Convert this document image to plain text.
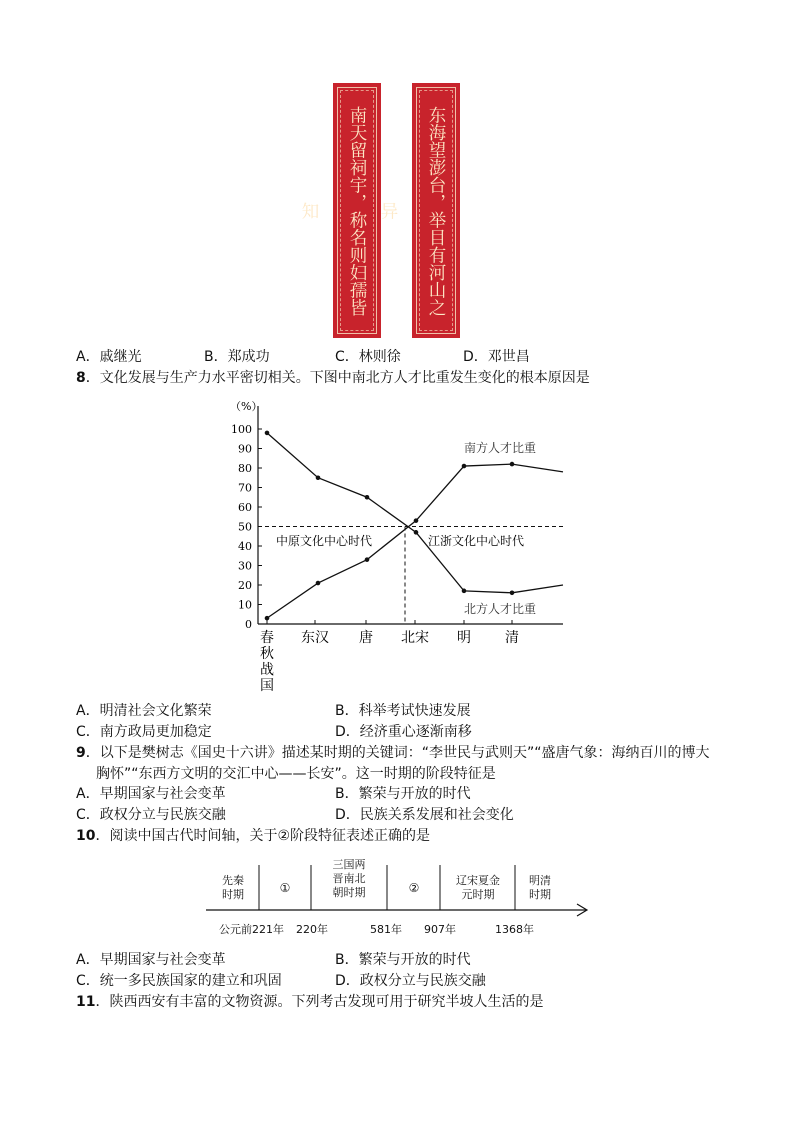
南天留祠宇，称名则妇孺皆知	东海望澎台，举目有河山之异
A．戚继光	B．郑成功	C．林则徐	D．邓世昌
8．文化发展与生产力水平密切相关。下图中南北方人才比重发生变化的根本原因是
（%）
0
10
20
30
40
50
60
70
80
90
100
春秋战国
东汉 唐 北宋 明 清
南方人才比重
北方人才比重
中原文化中心时代	江浙文化中心时代
A．明清社会文化繁荣	B．科举考试快速发展
C．南方政局更加稳定	D．经济重心逐渐南移
9．以下是樊树志《国史十六讲》描述某时期的关键词：“李世民与武则天”“盛唐气象：海纳百川的博大
胸怀”“东西方文明的交汇中心——长安”。这一时期的阶段特征是
A．早期国家与社会变革	B．繁荣与开放的时代
C．政权分立与民族交融	D．民族关系发展和社会变化
10．阅读中国古代时间轴，关于②阶段特征表述正确的是
先秦
时期	①
三国两
晋南北
朝时期	②
辽宋夏金
元时期
明清
时期
公元前221年 220年	581年 907年	1368年
A．早期国家与社会变革	B．繁荣与开放的时代
C．统一多民族国家的建立和巩固	D．政权分立与民族交融
11．陕西西安有丰富的文物资源。下列考古发现可用于研究半坡人生活的是
